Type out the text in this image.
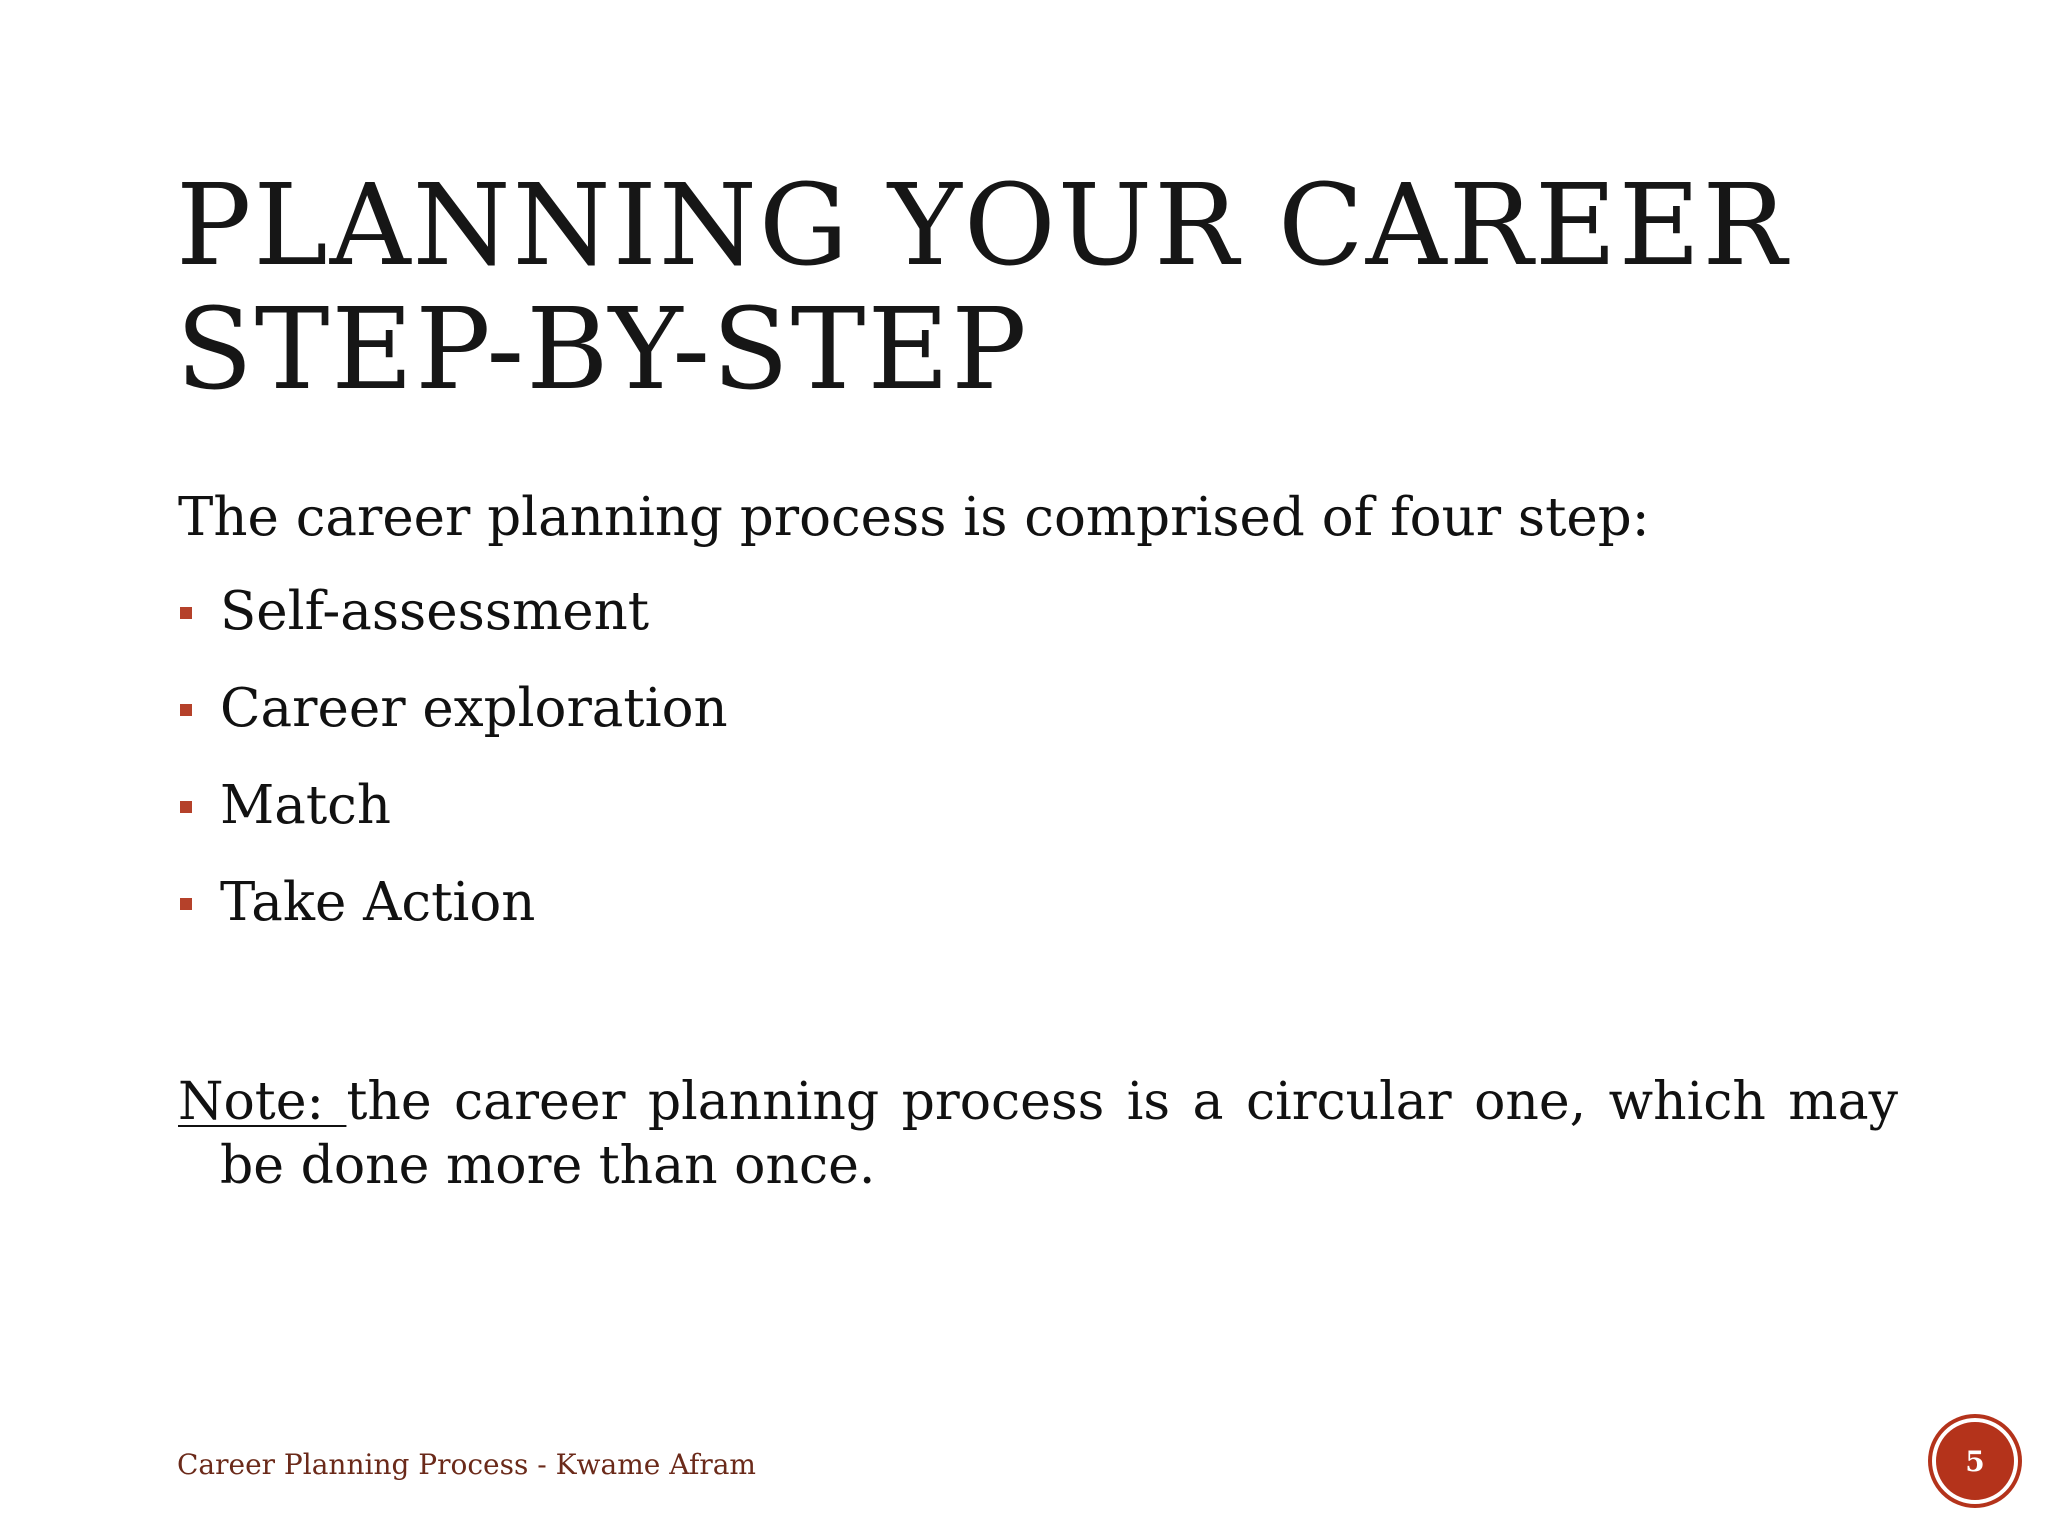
PLANNING YOUR CAREER
STEP-BY-STEP

The career planning process is comprised of four step:

Self-assessment
Career exploration
Match
Take Action

Note: the career planning process is a circular one, which may be done more than once.

Career Planning Process - Kwame Afram	5
